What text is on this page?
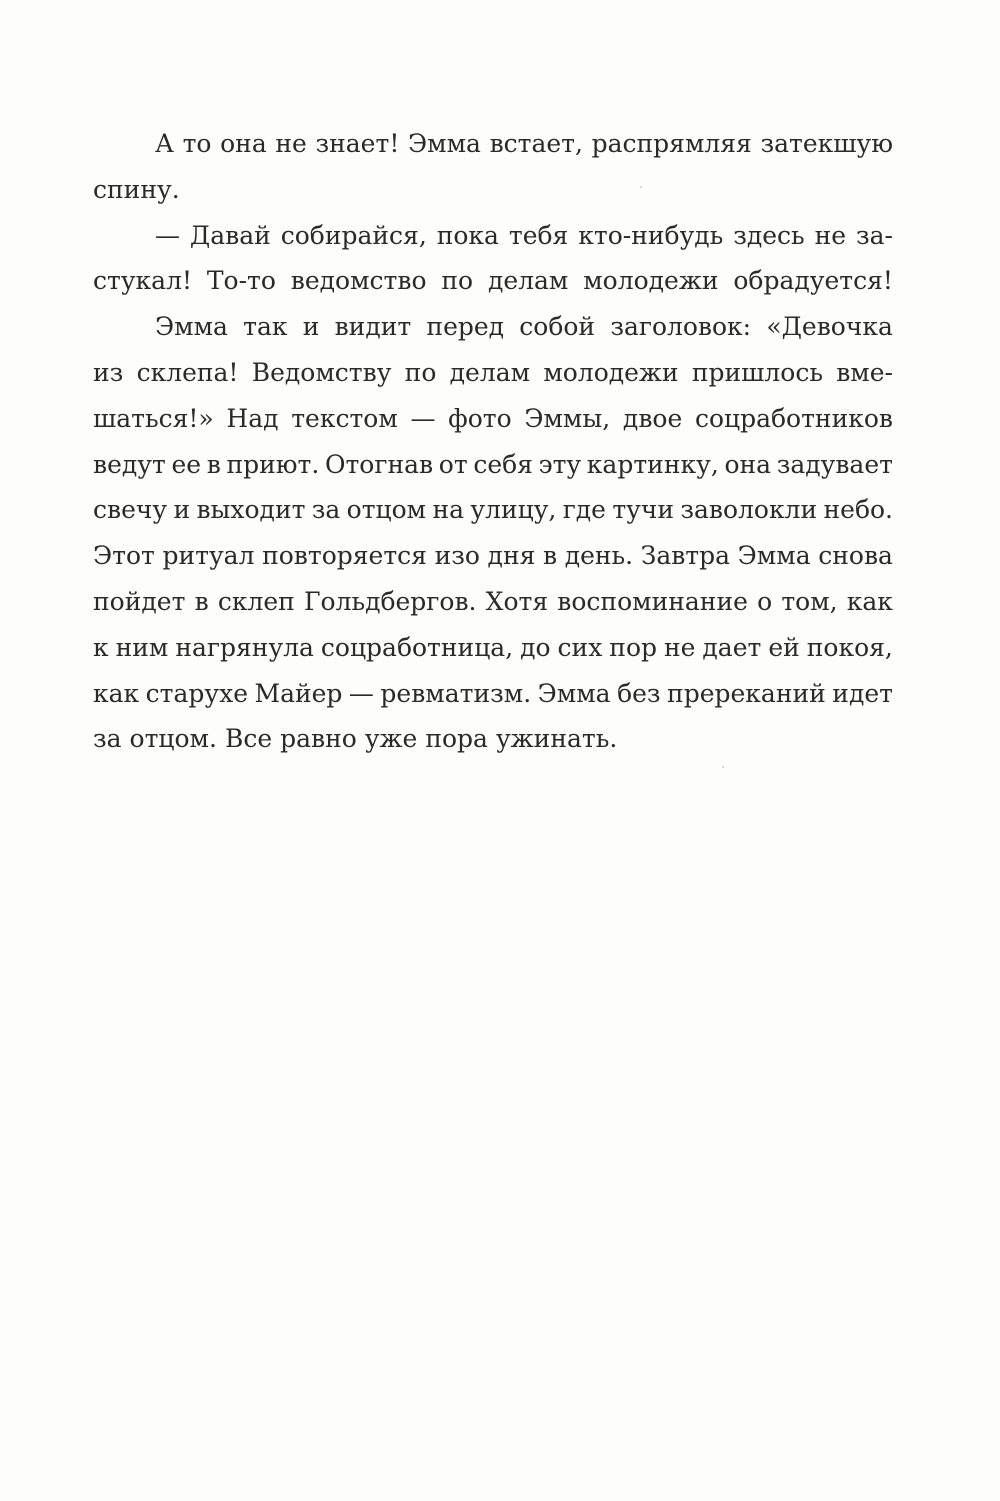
А то она не знает! Эмма встает, распрямляя затекшую
спину.
— Давай собирайся, пока тебя кто-нибудь здесь не за-
стукал! То-то ведомство по делам молодежи обрадуется!
Эмма так и видит перед собой заголовок: «Девочка
из склепа! Ведомству по делам молодежи пришлось вме-
шаться!» Над текстом — фото Эммы, двое соцработников
ведут ее в приют. Отогнав от себя эту картинку, она задувает
свечу и выходит за отцом на улицу, где тучи заволокли небо.
Этот ритуал повторяется изо дня в день. Завтра Эмма снова
пойдет в склеп Гольдбергов. Хотя воспоминание о том, как
к ним нагрянула соцработница, до сих пор не дает ей покоя,
как старухе Майер — ревматизм. Эмма без пререканий идет
за отцом. Все равно уже пора ужинать.
